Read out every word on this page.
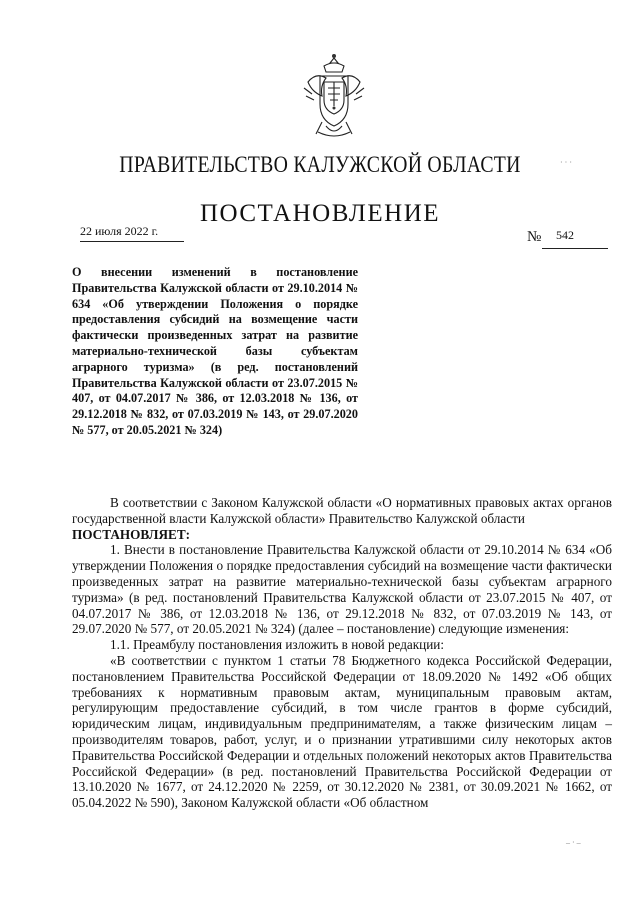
ПРАВИТЕЛЬСТВО КАЛУЖСКОЙ ОБЛАСТИ
ПОСТАНОВЛЕНИЕ
22 июля 2022 г.	№	542
О внесении изменений в постановление Правительства Калужской области от 29.10.2014 № 634 «Об утверждении Положения о порядке предоставления субсидий на возмещение части фактически произведенных затрат на развитие материально-технической базы субъектам аграрного туризма» (в ред. постановлений Правительства Калужской области от 23.07.2015 № 407, от 04.07.2017 № 386, от 12.03.2018 № 136, от 29.12.2018 № 832, от 07.03.2019 № 143, от 29.07.2020 № 577, от 20.05.2021 № 324)

В соответствии с Законом Калужской области «О нормативных правовых актах органов государственной власти Калужской области» Правительство Калужской области

ПОСТАНОВЛЯЕТ:

1. Внести в постановление Правительства Калужской области от 29.10.2014 № 634 «Об утверждении Положения о порядке предоставления субсидий на возмещение части фактически произведенных затрат на развитие материально-технической базы субъектам аграрного туризма» (в ред. постановлений Правительства Калужской области от 23.07.2015 № 407, от 04.07.2017 № 386, от 12.03.2018 № 136, от 29.12.2018 № 832, от 07.03.2019 № 143, от 29.07.2020 № 577, от 20.05.2021 № 324) (далее – постановление) следующие изменения:

1.1. Преамбулу постановления изложить в новой редакции:

«В соответствии с пунктом 1 статьи 78 Бюджетного кодекса Российской Федерации, постановлением Правительства Российской Федерации от 18.09.2020 № 1492 «Об общих требованиях к нормативным правовым актам, муниципальным правовым актам, регулирующим предоставление субсидий, в том числе грантов в форме субсидий, юридическим лицам, индивидуальным предпринимателям, а также физическим лицам – производителям товаров, работ, услуг, и о признании утратившими силу некоторых актов Правительства Российской Федерации и отдельных положений некоторых актов Правительства Российской Федерации» (в ред. постановлений Правительства Российской Федерации от 13.10.2020 № 1677, от 24.12.2020 № 2259, от 30.12.2020 № 2381, от 30.09.2021 № 1662, от 05.04.2022 № 590), Законом Калужской области «Об областном

· · ·
– · –
